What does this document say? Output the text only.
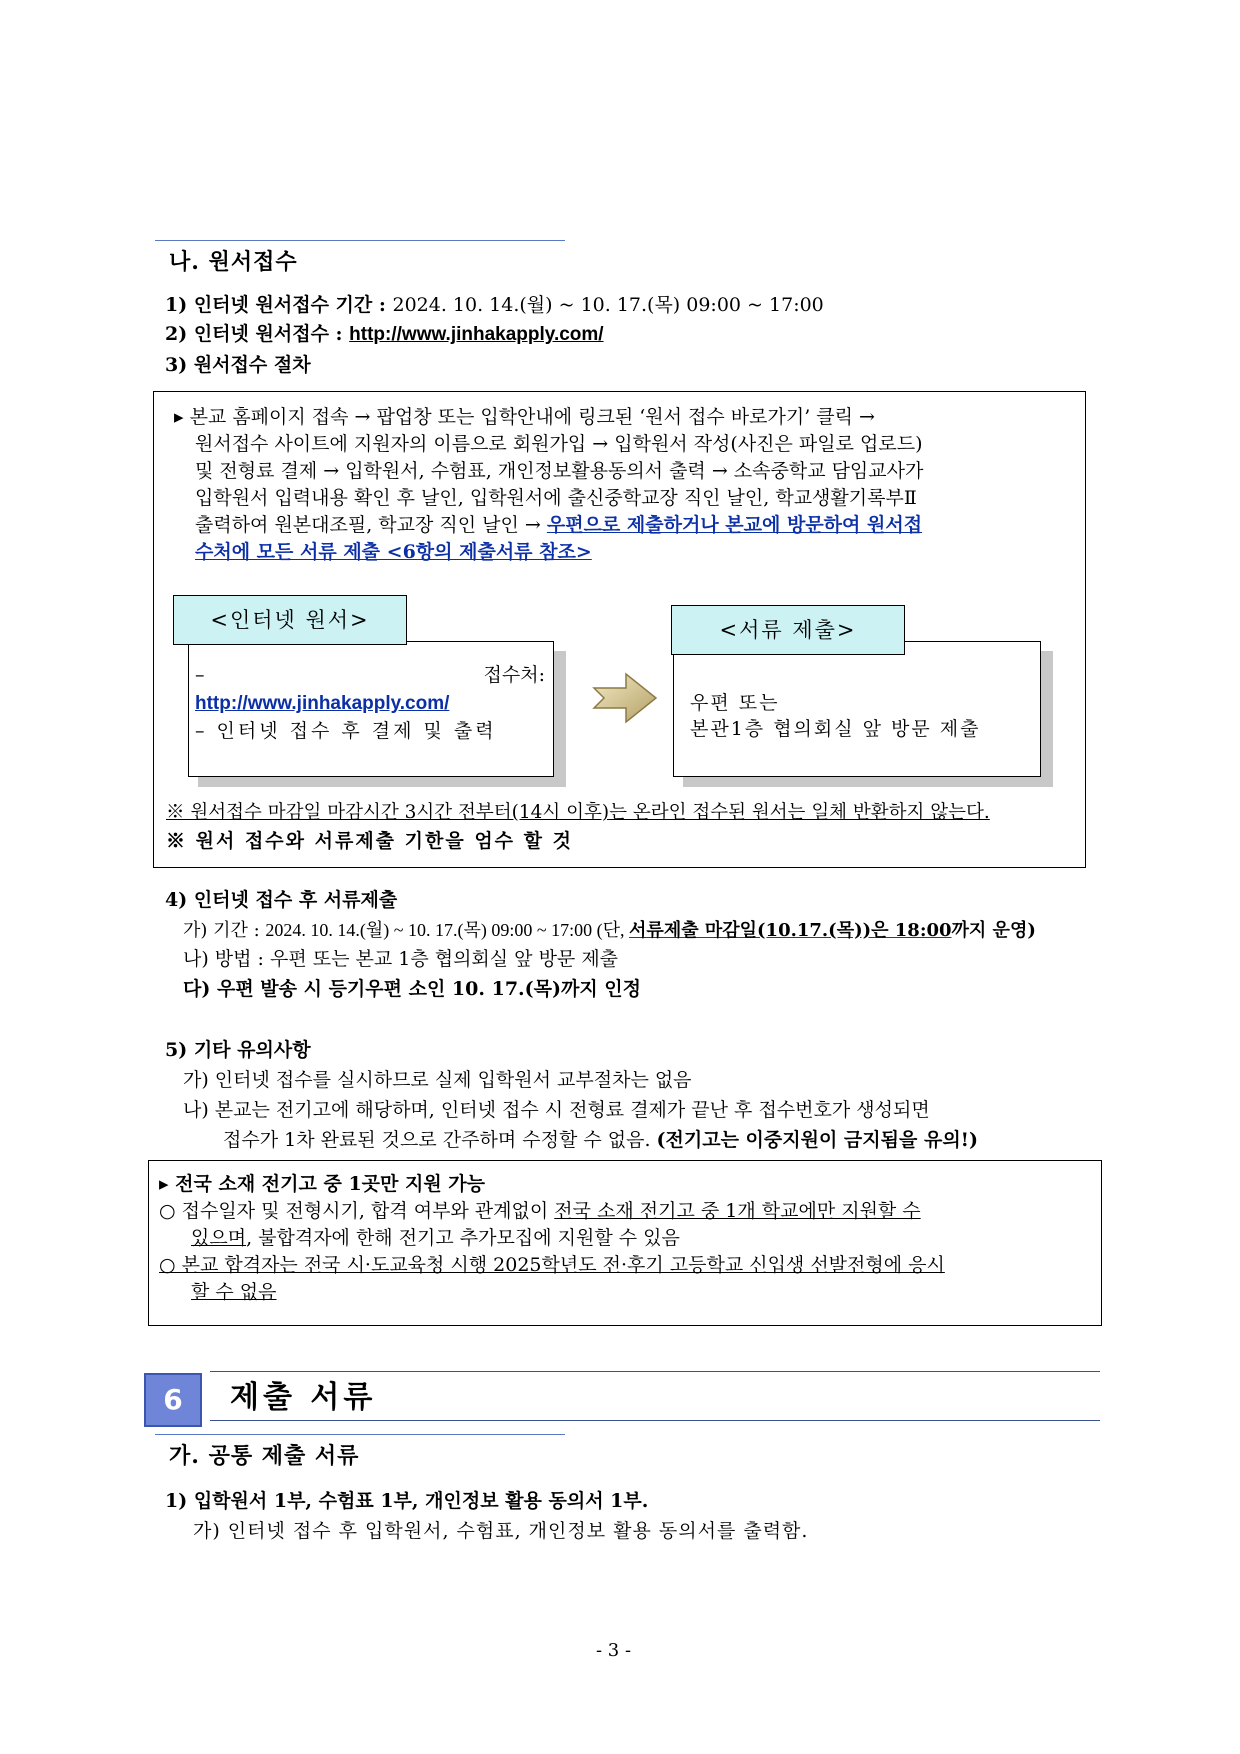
나. 원서접수
1) 인터넷 원서접수 기간 : 2024. 10. 14.(월) ~ 10. 17.(목) 09:00 ~ 17:00
2) 인터넷 원서접수 : http://www.jinhakapply.com/
3) 원서접수 절차
▸ 본교 홈페이지 접속 → 팝업창 또는 입학안내에 링크된 ‘원서 접수 바로가기’ 클릭 →
원서접수 사이트에 지원자의 이름으로 회원가입 → 입학원서 작성(사진은 파일로 업로드)
및 전형료 결제 → 입학원서, 수험표, 개인정보활용동의서 출력 → 소속중학교 담임교사가
입학원서 입력내용 확인 후 날인, 입학원서에 출신중학교장 직인 날인, 학교생활기록부Ⅱ
출력하여 원본대조필, 학교장 직인 날인 → 우편으로 제출하거나 본교에 방문하여 원서접
수처에 모든 서류 제출 <6항의 제출서류 참조>
–	접수처:
http://www.jinhakapply.com/
– 인터넷 접수 후 결제 및 출력
<인터넷 원서>
우편 또는
본관1층 협의회실 앞 방문 제출
<서류 제출>
※ 원서접수 마감일 마감시간 3시간 전부터(14시 이후)는 온라인 접수된 원서는 일체 반환하지 않는다.
※ 원서 접수와 서류제출 기한을 엄수 할 것
4) 인터넷 접수 후 서류제출
가) 기간 : 2024. 10. 14.(월) ~ 10. 17.(목) 09:00 ~ 17:00 (단, 서류제출 마감일(10.17.(목))은 18:00까지 운영)
나) 방법 : 우편 또는 본교 1층 협의회실 앞 방문 제출
다) 우편 발송 시 등기우편 소인 10. 17.(목)까지 인정
5) 기타 유의사항
가) 인터넷 접수를 실시하므로 실제 입학원서 교부절차는 없음
나) 본교는 전기고에 해당하며, 인터넷 접수 시 전형료 결제가 끝난 후 접수번호가 생성되면
접수가 1차 완료된 것으로 간주하며 수정할 수 없음. (전기고는 이중지원이 금지됨을 유의!)
▸ 전국 소재 전기고 중 1곳만 지원 가능
○ 접수일자 및 전형시기, 합격 여부와 관계없이 전국 소재 전기고 중 1개 학교에만 지원할 수
있으며, 불합격자에 한해 전기고 추가모집에 지원할 수 있음
○ 본교 합격자는 전국 시·도교육청 시행 2025학년도 전·후기 고등학교 신입생 선발전형에 응시
할 수 없음
6	제출 서류
가. 공통 제출 서류
1) 입학원서 1부, 수험표 1부, 개인정보 활용 동의서 1부.
가) 인터넷 접수 후 입학원서, 수험표, 개인정보 활용 동의서를 출력함.
- 3 -
